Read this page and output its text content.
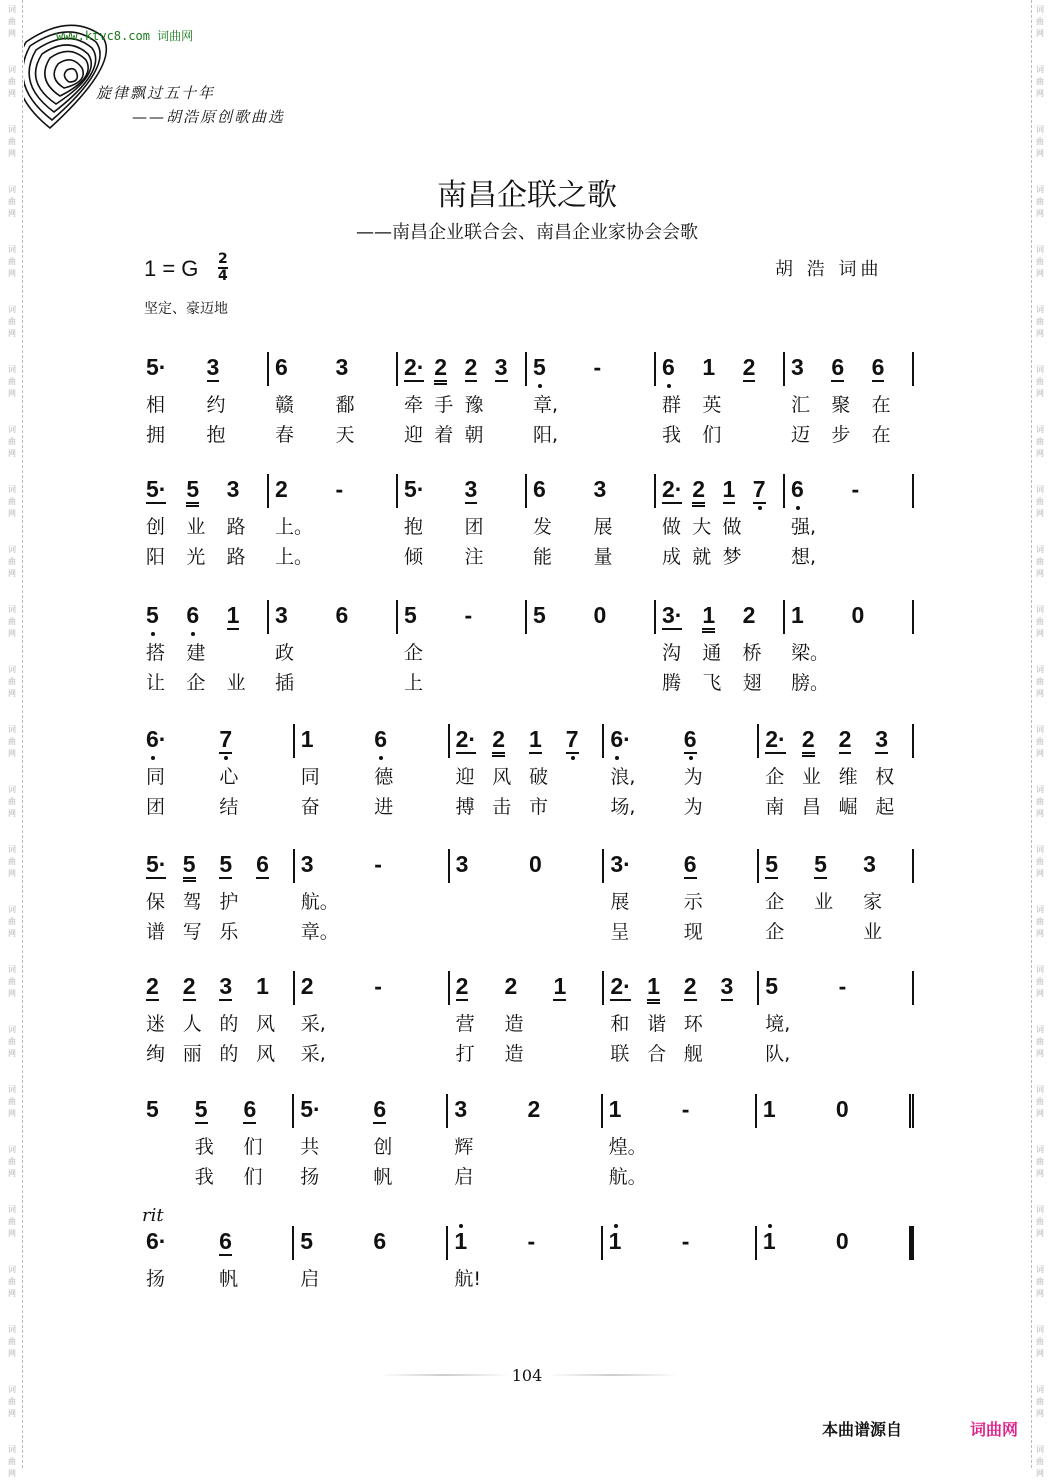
词
曲
网
词
曲
网
词
曲
网
词
曲
网
词
曲
网
词
曲
网
词
曲
网
词
曲
网
词
曲
网
词
曲
网
词
曲
网
词
曲
网
词
曲
网
词
曲
网
词
曲
网
词
曲
网
词
曲
网
词
曲
网
词
曲
网
词
曲
网
词
曲
网
词
曲
网
词
曲
网
词
曲
网
词
曲
网
词
曲
网
词
曲
网
词
曲
网
词
曲
网
词
曲
网
词
曲
网
词
曲
网
词
曲
网
词
曲
网
词
曲
网
词
曲
网
词
曲
网
词
曲
网
词
曲
网
词
曲
网
词
曲
网
词
曲
网
词
曲
网
词
曲
网
词
曲
网
词
曲
网
词
曲
网
词
曲
网
词
曲
网
词
曲
网
www.ktvc8.com 词曲网
旋律飘过五十年
——胡浩原创歌曲选
南昌企联之歌
——南昌企业联合会、南昌企业家协会会歌
1 = G 2
4
坚定、豪迈地
胡 浩 词曲
rit
5·
相
拥
3
约
抱
6
赣
春
3
鄱
天
2·
牵
迎
2
手
着
2
豫
朝
3 5
章,
阳,
-	6
群
我
1
英
们
2 3
汇
迈
6
聚
步
6
在
在
5·
创
阳
5
业
光
3
路
路
2
上。
上。
-	5·
抱
倾
3
团
注
6
发
能
3
展
量
2·
做
成
2
大
就
1
做
梦
7 6
强,
想,
-
5
搭
让
6
建
企
1
业
3
政
插
6 5
企
上
-	5 0 3·
沟
腾
1
通
飞
2
桥
翅
1
梁。
膀。
0
6·
同
团
7
心
结
1
同
奋
6
德
进
2·
迎
搏
2
风
击
1
破
市
7 6·
浪,
场,
6
为
为
2·
企
南
2
业
昌
2
维
崛
3
权
起
5·
保
谱
5
驾
写
5
护
乐
6 3
航。
章。
-	3	0	3·
展
呈
6
示
现
5
企
企
5
业
3
家
业
2
迷
绚
2
人
丽
3
的
的
1
风
风
2
采,
采,
-	2
营
打
2
造
造
1 2·
和
联
1
谐
合
2
环
舰
3 5
境,
队,
-
5 5
我
我
6
们
们
5·
共
扬
6
创
帆
3
辉
启
2	1
煌。
航。
-	1	0
6·
扬
6
帆
5
启
6	1
航!
-	1	-	1	0
104
本曲谱源自	词曲网
